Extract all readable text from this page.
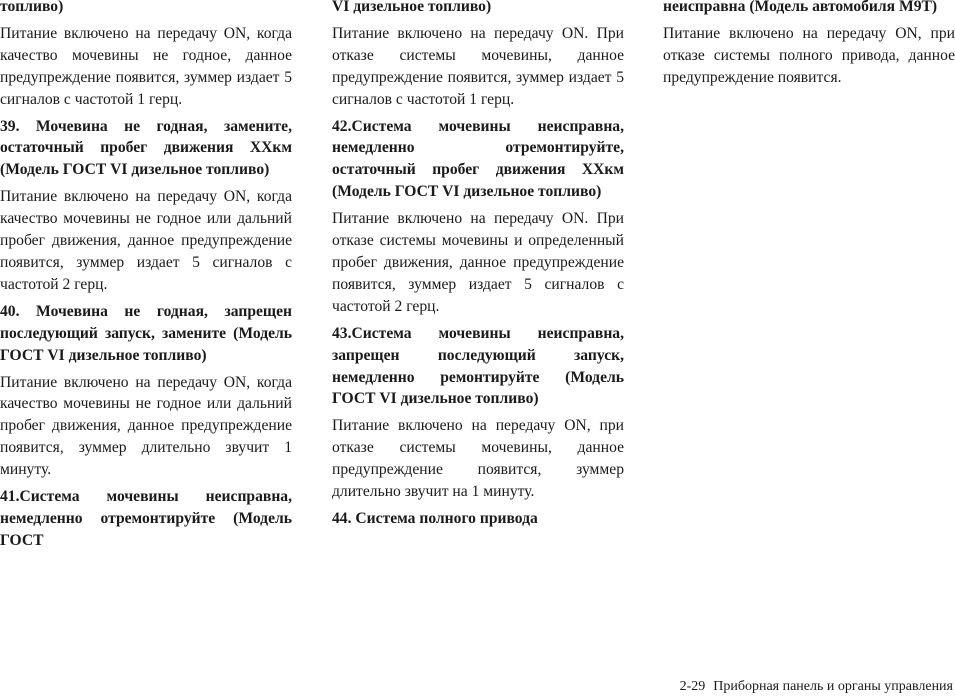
топливо)
Питание включено на передачу ON, когда качество мочевины не годное, данное предупреждение появится, зуммер издает 5 сигналов с частотой 1 герц.
39. Мочевина не годная, замените, остаточный пробег движения XXкм (Модель ГОСТ VI дизельное топливо)
Питание включено на передачу ON, когда качество мочевины не годное или дальний пробег движения, данное предупреждение появится, зуммер издает 5 сигналов с частотой 2 герц.
40. Мочевина не годная, запрещен последующий запуск, замените (Модель ГОСТ VI дизельное топливо)
Питание включено на передачу ON, когда качество мочевины не годное или дальний пробег движения, данное предупреждение появится, зуммер длительно звучит 1 минуту.
41.Система мочевины неисправна, немедленно отремонтируйте (Модель ГОСТ
VI дизельное топливо)
Питание включено на передачу ON. При отказе системы мочевины, данное предупреждение появится, зуммер издает 5 сигналов с частотой 1 герц.
42.Система мочевины неисправна, немедленно отремонтируйте, остаточный пробег движения XXкм (Модель ГОСТ VI дизельное топливо)
Питание включено на передачу ON. При отказе системы мочевины и определенный пробег движения, данное предупреждение появится, зуммер издает 5 сигналов с частотой 2 герц.
43.Система мочевины неисправна, запрещен последующий запуск, немедленно ремонтируйте (Модель ГОСТ VI дизельное топливо)
Питание включено на передачу ON, при отказе системы мочевины, данное предупреждение появится, зуммер длительно звучит на 1 минуту.
44. Система полного привода
неисправна (Модель автомобиля M9T)
Питание включено на передачу ON, при отказе системы полного привода, данное предупреждение появится.
2-29 Приборная панель и органы управления
